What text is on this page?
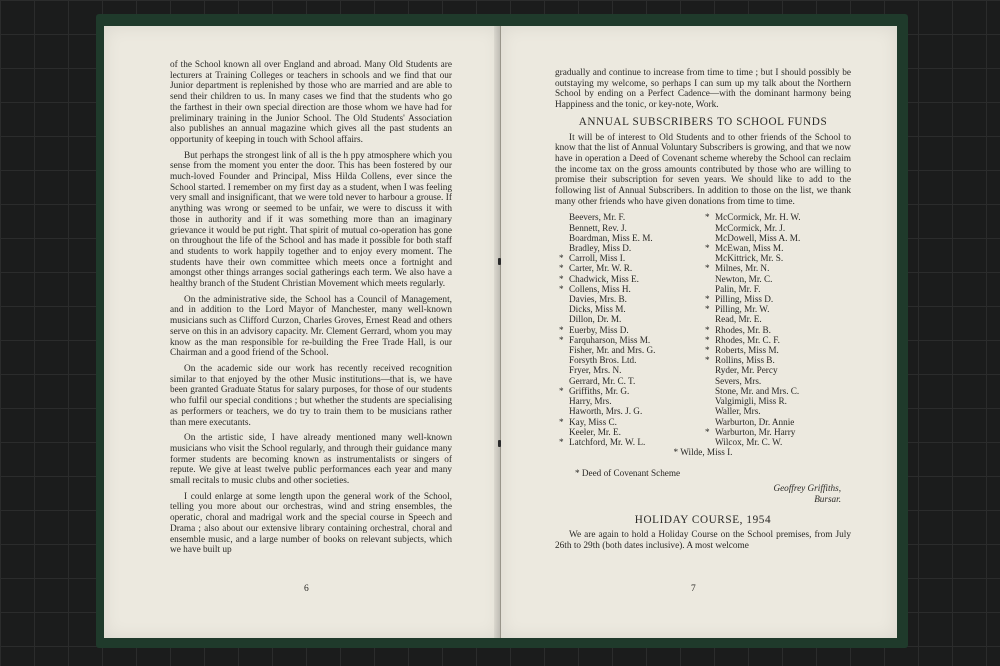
of the School known all over England and abroad. Many Old Students are lecturers at Training Colleges or teachers in schools and we find that our Junior department is replenished by those who are married and are able to send their children to us. In many cases we find that the students who go the farthest in their own special direction are those whom we have had for preliminary training in the Junior School. The Old Students' Association also publishes an annual magazine which gives all the past students an opportunity of keeping in touch with School affairs.

But perhaps the strongest link of all is the h ppy atmosphere which you sense from the moment you enter the door. This has been fostered by our much-loved Founder and Principal, Miss Hilda Collens, ever since the School started. I remember on my first day as a student, when I was feeling very small and insignificant, that we were told never to harbour a grouse. If anything was wrong or seemed to be unfair, we were to discuss it with those in authority and if it was something more than an imaginary grievance it would be put right. That spirit of mutual co-operation has gone on throughout the life of the School and has made it possible for both staff and students to work happily together and to enjoy every moment. The students have their own committee which meets once a fortnight and amongst other things arranges social gatherings each term. We also have a healthy branch of the Student Christian Movement which meets regularly.

On the administrative side, the School has a Council of Management, and in addition to the Lord Mayor of Manchester, many well-known musicians such as Clifford Curzon, Charles Groves, Ernest Read and others serve on this in an advisory capacity. Mr. Clement Gerrard, whom you may know as the man responsible for re-building the Free Trade Hall, is our Chairman and a good friend of the School.

On the academic side our work has recently received recognition similar to that enjoyed by the other Music institutions—that is, we have been granted Graduate Status for salary purposes, for those of our students who fulfil our special conditions ; but whether the students are specialising as performers or teachers, we do try to train them to be musicians rather than mere executants.

On the artistic side, I have already mentioned many well-known musicians who visit the School regularly, and through their guidance many former students are becoming known as instrumentalists or singers of repute. We give at least twelve public performances each year and many small recitals to music clubs and other societies.

I could enlarge at some length upon the general work of the School, telling you more about our orchestras, wind and string ensembles, the operatic, choral and madrigal work and the special course in Speech and Drama ; also about our extensive library containing orchestral, choral and ensemble music, and a large number of books on relevant subjects, which we have built up

6

gradually and continue to increase from time to time ; but I should possibly be outstaying my welcome, so perhaps I can sum up my talk about the Northern School by ending on a Perfect Cadence—with the dominant harmony being Happiness and the tonic, or key-note, Work.

ANNUAL SUBSCRIBERS TO SCHOOL FUNDS

It will be of interest to Old Students and to other friends of the School to know that the list of Annual Voluntary Subscribers is growing, and that we now have in operation a Deed of Covenant scheme whereby the School can reclaim the income tax on the gross amounts contributed by those who are willing to promise their subscription for seven years. We should like to add to the following list of Annual Subscribers. In addition to those on the list, we thank many other friends who have given donations from time to time.

Beevers, Mr. F.
Bennett, Rev. J.
Boardman, Miss E. M.
Bradley, Miss D.
* Carroll, Miss I.
* Carter, Mr. W. R.
* Chadwick, Miss E.
* Collens, Miss H.
Davies, Mrs. B.
Dicks, Miss M.
Dillon, Dr. M.
* Euerby, Miss D.
* Farquharson, Miss M.
Fisher, Mr. and Mrs. G.
Forsyth Bros. Ltd.
Fryer, Mrs. N.
Gerrard, Mr. C. T.
* Griffiths, Mr. G.
Harry, Mrs.
Haworth, Mrs. J. G.
* Kay, Miss C.
Keeler, Mr. E.
* Latchford, Mr. W. L.
* McCormick, Mr. H. W.
McCormick, Mr. J.
McDowell, Miss A. M.
* McEwan, Miss M.
McKittrick, Mr. S.
* Milnes, Mr. N.
Newton, Mr. C.
Palin, Mr. F.
* Pilling, Miss D.
* Pilling, Mr. W.
Read, Mr. E.
* Rhodes, Mr. B.
* Rhodes, Mr. C. F.
* Roberts, Miss M.
* Rollins, Miss B.
Ryder, Mr. Percy
Severs, Mrs.
Stone, Mr. and Mrs. C.
Valgimigli, Miss R.
Waller, Mrs.
Warburton, Dr. Annie
* Warburton, Mr. Harry
Wilcox, Mr. C. W.
* Wilde, Miss I.

* Deed of Covenant Scheme

Geoffrey Griffiths,
Bursar.
HOLIDAY COURSE, 1954

We are again to hold a Holiday Course on the School premises, from July 26th to 29th (both dates inclusive). A most welcome

7
